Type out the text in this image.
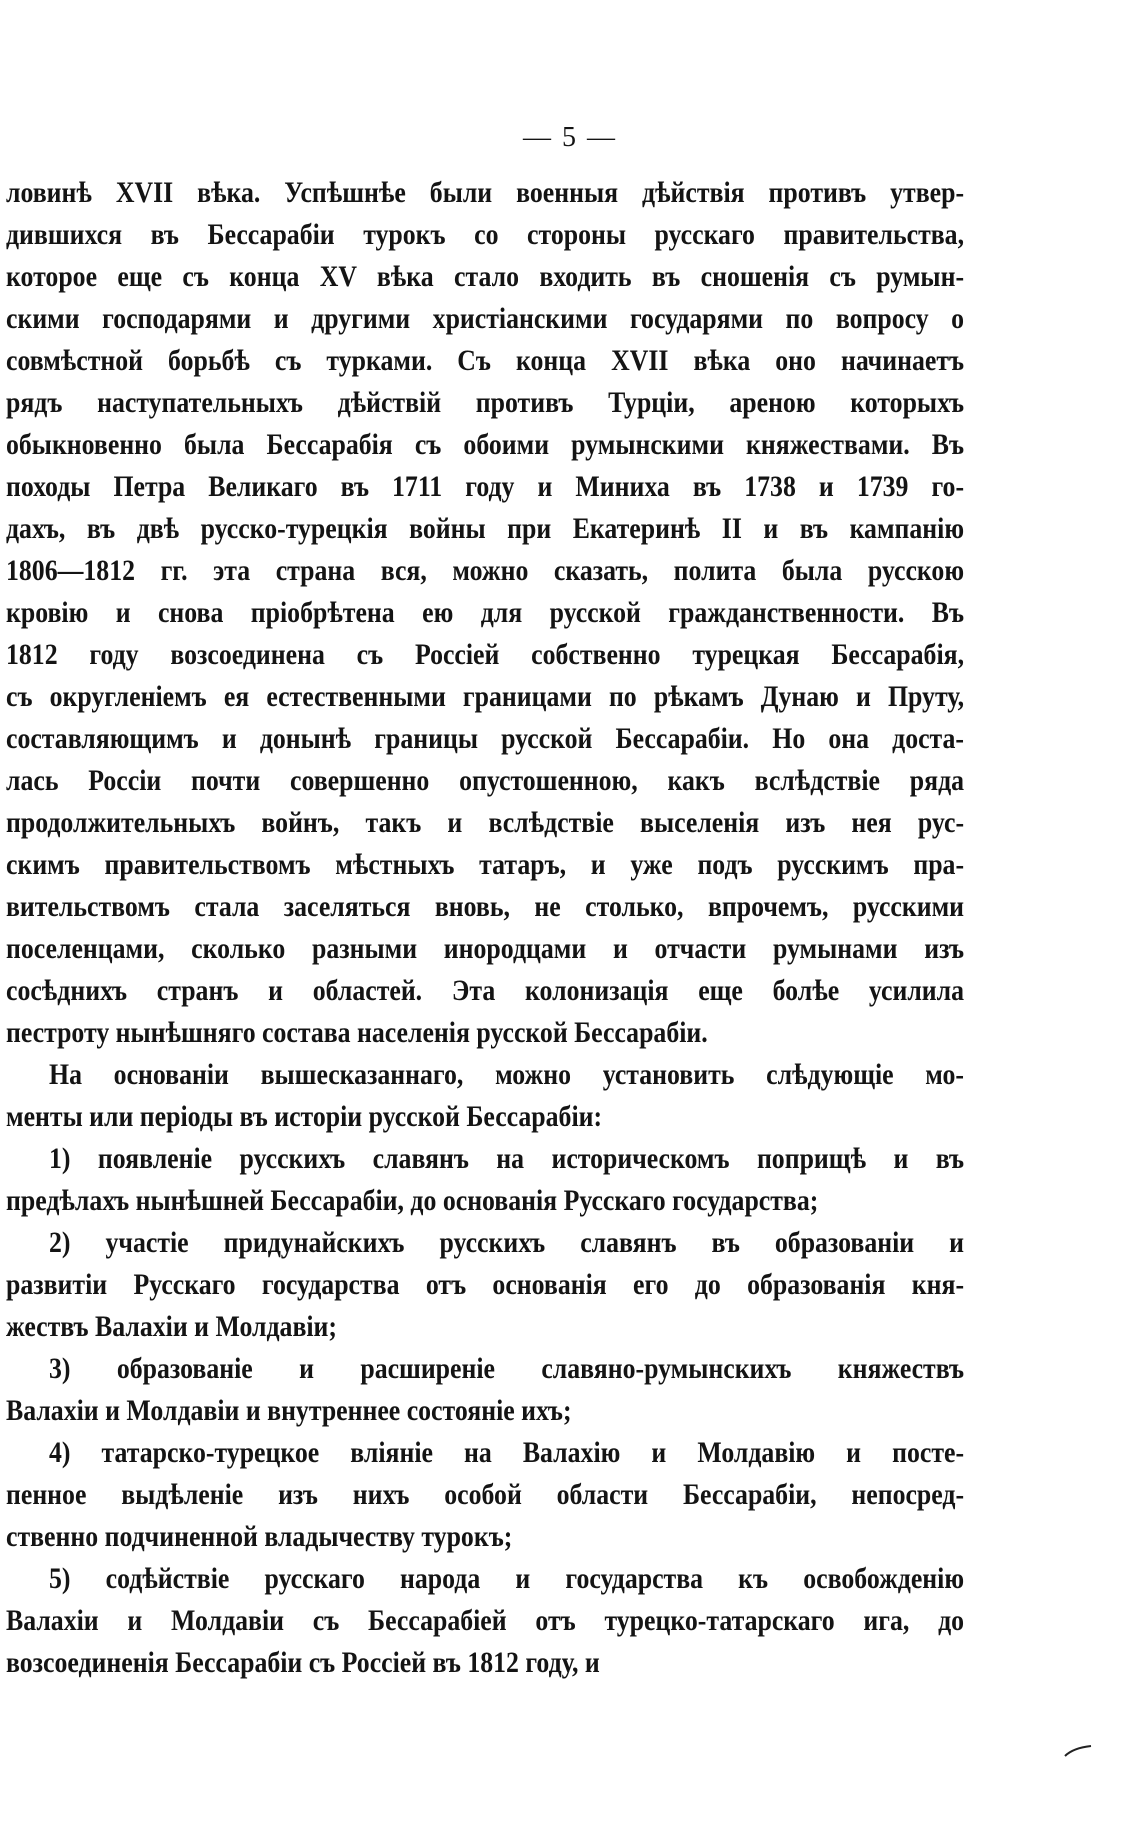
— 5 —
ловинѣ XVII вѣка. Успѣшнѣе были военныя дѣйствія противъ утвер-
дившихся въ Бессарабіи турокъ со стороны русскаго правительства,
которое еще съ конца XV вѣка стало входить въ сношенія съ румын-
скими господарями и другими христіанскими государями по вопросу о
совмѣстной борьбѣ съ турками. Съ конца XVII вѣка оно начинаетъ
рядъ наступательныхъ дѣйствій противъ Турціи, ареною которыхъ
обыкновенно была Бессарабія съ обоими румынскими княжествами. Въ
походы Петра Великаго въ 1711 году и Миниха въ 1738 и 1739 го-
дахъ, въ двѣ русско-турецкія войны при Екатеринѣ II и въ кампанію
1806—1812 гг. эта страна вся, можно сказать, полита была русскою
кровію и снова пріобрѣтена ею для русской гражданственности. Въ
1812 году возсоединена съ Россіей собственно турецкая Бессарабія,
съ округленіемъ ея естественными границами по рѣкамъ Дунаю и Пруту,
составляющимъ и донынѣ границы русской Бессарабіи. Но она доста-
лась Россіи почти совершенно опустошенною, какъ вслѣдствіе ряда
продолжительныхъ войнъ, такъ и вслѣдствіе выселенія изъ нея рус-
скимъ правительствомъ мѣстныхъ татаръ, и уже подъ русскимъ пра-
вительствомъ стала заселяться вновь, не столько, впрочемъ, русскими
поселенцами, сколько разными инородцами и отчасти румынами изъ
сосѣднихъ странъ и областей. Эта колонизація еще болѣе усилила
пестроту нынѣшняго состава населенія русской Бессарабіи.
На основаніи вышесказаннаго, можно установить слѣдующіе мо-
менты или періоды въ исторіи русской Бессарабіи:
1) появленіе русскихъ славянъ на историческомъ поприщѣ и въ
предѣлахъ нынѣшней Бессарабіи, до основанія Русскаго государства;
2) участіе придунайскихъ русскихъ славянъ въ образованіи и
развитіи Русскаго государства отъ основанія его до образованія кня-
жествъ Валахіи и Молдавіи;
3) образованіе и расширеніе славяно-румынскихъ княжествъ
Валахіи и Молдавіи и внутреннее состояніе ихъ;
4) татарско-турецкое вліяніе на Валахію и Молдавію и посте-
пенное выдѣленіе изъ нихъ особой области Бессарабіи, непосред-
ственно подчиненной владычеству турокъ;
5) содѣйствіе русскаго народа и государства къ освобожденію
Валахіи и Молдавіи съ Бессарабіей отъ турецко-татарскаго ига, до
возсоединенія Бессарабіи съ Россіей въ 1812 году, и
